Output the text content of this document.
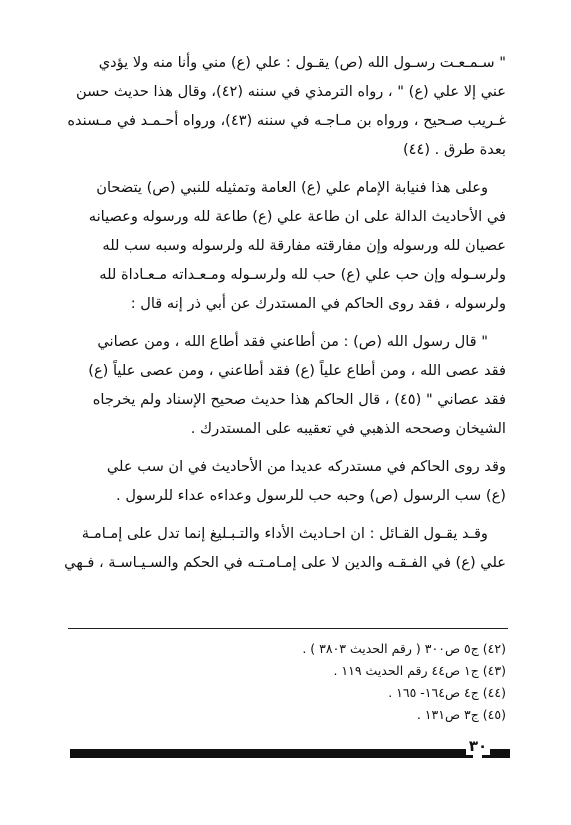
" سـمـعـت رسـول الله (ص) يقـول : علي (ع) مني وأنا منه ولا يؤدي
عني إلا علي (ع) " ، رواه الترمذي في سننه (٤٢)، وقال هذا حديث حسن
غـريب صـحيح ، ورواه بن مـاجـه في سننه (٤٣)، ورواه أحـمـد في مـسنده
بعدة طرق . (٤٤)

وعلى هذا فنيابة الإمام علي (ع) العامة وتمثيله للنبي (ص) يتضحان
في الأحاديث الدالة على ان طاعة علي (ع) طاعة لله ورسوله وعصيانه
عصيان لله ورسوله وإن مفارقته مفارقة لله ولرسوله وسبه سب لله
ولرسـوله وإن حب علي (ع) حب لله ولرسـوله ومـعـداته مـعـاداة لله
ولرسوله ، فقد روى الحاكم في المستدرك عن أبي ذر إنه قال :

" قال رسول الله (ص) : من أطاعني فقد أطاع الله ، ومن عصاني
فقد عصى الله ، ومن أطاع علياً (ع) فقد أطاعني ، ومن عصى علياً (ع)
فقد عصاني " (٤٥) ، قال الحاكم هذا حديث صحيح الإسناد ولم يخرجاه
الشيخان وصححه الذهبي في تعقيبه على المستدرك .

وقد روى الحاكم في مستدركه عديدا من الأحاديث في ان سب علي
(ع) سب الرسول (ص) وحبه حب للرسول وعداءه عداء للرسول .

وقـد يقـول القـائل : ان احـاديث الأداء والتـبـليغ إنما تدل على إمـامـة
علي (ع) في الفـقـه والدين لا على إمـامـتـه في الحكم والسـيـاسـة ، فـهي

(٤٢) ج٥ ص٣٠٠ ( رقم الحديث ٣٨٠٣ ) .
(٤٣) ج١ ص٤٤ رقم الحديث ١١٩ .
(٤٤) ج٤ ص١٦٤- ١٦٥ .
(٤٥) ج٣ ص١٣١ .
٣٠
